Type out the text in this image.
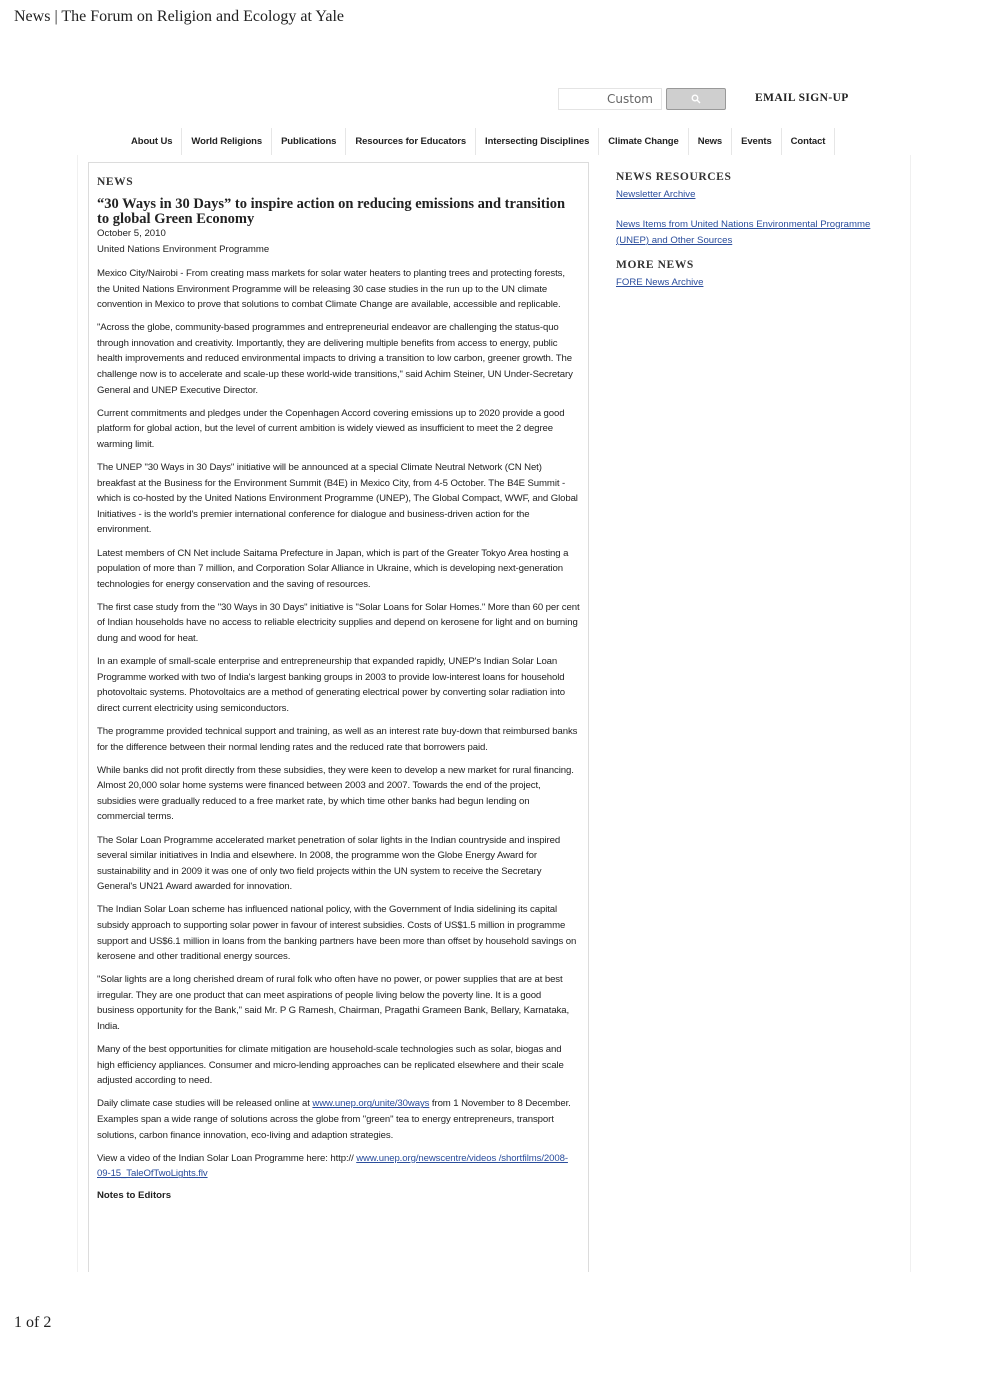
News | The Forum on Religion and Ecology at Yale
Custom	EMAIL SIGN-UP
About Us	World Religions	Publications	Resources for Educators	Intersecting Disciplines	Climate Change	News	Events	Contact
NEWS
“30 Ways in 30 Days” to inspire action on reducing emissions and transition to global Green Economy
October 5, 2010
United Nations Environment Programme

Mexico City/Nairobi - From creating mass markets for solar water heaters to planting trees and protecting forests, the United Nations Environment Programme will be releasing 30 case studies in the run up to the UN climate convention in Mexico to prove that solutions to combat Climate Change are available, accessible and replicable.

"Across the globe, community-based programmes and entrepreneurial endeavor are challenging the status-quo through innovation and creativity. Importantly, they are delivering multiple benefits from access to energy, public health improvements and reduced environmental impacts to driving a transition to low carbon, greener growth. The challenge now is to accelerate and scale-up these world-wide transitions," said Achim Steiner, UN Under-Secretary General and UNEP Executive Director.

Current commitments and pledges under the Copenhagen Accord covering emissions up to 2020 provide a good platform for global action, but the level of current ambition is widely viewed as insufficient to meet the 2 degree warming limit.

The UNEP "30 Ways in 30 Days" initiative will be announced at a special Climate Neutral Network (CN Net) breakfast at the Business for the Environment Summit (B4E) in Mexico City, from 4-5 October. The B4E Summit - which is co-hosted by the United Nations Environment Programme (UNEP), The Global Compact, WWF, and Global Initiatives - is the world's premier international conference for dialogue and business-driven action for the environment.

Latest members of CN Net include Saitama Prefecture in Japan, which is part of the Greater Tokyo Area hosting a population of more than 7 million, and Corporation Solar Alliance in Ukraine, which is developing next-generation technologies for energy conservation and the saving of resources.

The first case study from the "30 Ways in 30 Days" initiative is "Solar Loans for Solar Homes." More than 60 per cent of Indian households have no access to reliable electricity supplies and depend on kerosene for light and on burning dung and wood for heat.

In an example of small-scale enterprise and entrepreneurship that expanded rapidly, UNEP's Indian Solar Loan Programme worked with two of India's largest banking groups in 2003 to provide low-interest loans for household photovoltaic systems. Photovoltaics are a method of generating electrical power by converting solar radiation into direct current electricity using semiconductors.

The programme provided technical support and training, as well as an interest rate buy-down that reimbursed banks for the difference between their normal lending rates and the reduced rate that borrowers paid.

While banks did not profit directly from these subsidies, they were keen to develop a new market for rural financing. Almost 20,000 solar home systems were financed between 2003 and 2007. Towards the end of the project, subsidies were gradually reduced to a free market rate, by which time other banks had begun lending on commercial terms.

The Solar Loan Programme accelerated market penetration of solar lights in the Indian countryside and inspired several similar initiatives in India and elsewhere. In 2008, the programme won the Globe Energy Award for sustainability and in 2009 it was one of only two field projects within the UN system to receive the Secretary General's UN21 Award awarded for innovation.

The Indian Solar Loan scheme has influenced national policy, with the Government of India sidelining its capital subsidy approach to supporting solar power in favour of interest subsidies. Costs of US$1.5 million in programme support and US$6.1 million in loans from the banking partners have been more than offset by household savings on kerosene and other traditional energy sources.

"Solar lights are a long cherished dream of rural folk who often have no power, or power supplies that are at best irregular. They are one product that can meet aspirations of people living below the poverty line. It is a good business opportunity for the Bank," said Mr. P G Ramesh, Chairman, Pragathi Grameen Bank, Bellary, Karnataka, India.

Many of the best opportunities for climate mitigation are household-scale technologies such as solar, biogas and high efficiency appliances. Consumer and micro-lending approaches can be replicated elsewhere and their scale adjusted according to need.

Daily climate case studies will be released online at www.unep.org/unite/30ways from 1 November to 8 December. Examples span a wide range of solutions across the globe from "green" tea to energy entrepreneurs, transport solutions, carbon finance innovation, eco-living and adaption strategies.

View a video of the Indian Solar Loan Programme here: http:// www.unep.org/newscentre/videos /shortfilms/2008-09-15_TaleOfTwoLights.flv

Notes to Editors
NEWS RESOURCES
Newsletter Archive
News Items from United Nations Environmental Programme (UNEP) and Other Sources
MORE NEWS
FORE News Archive
1 of 2
